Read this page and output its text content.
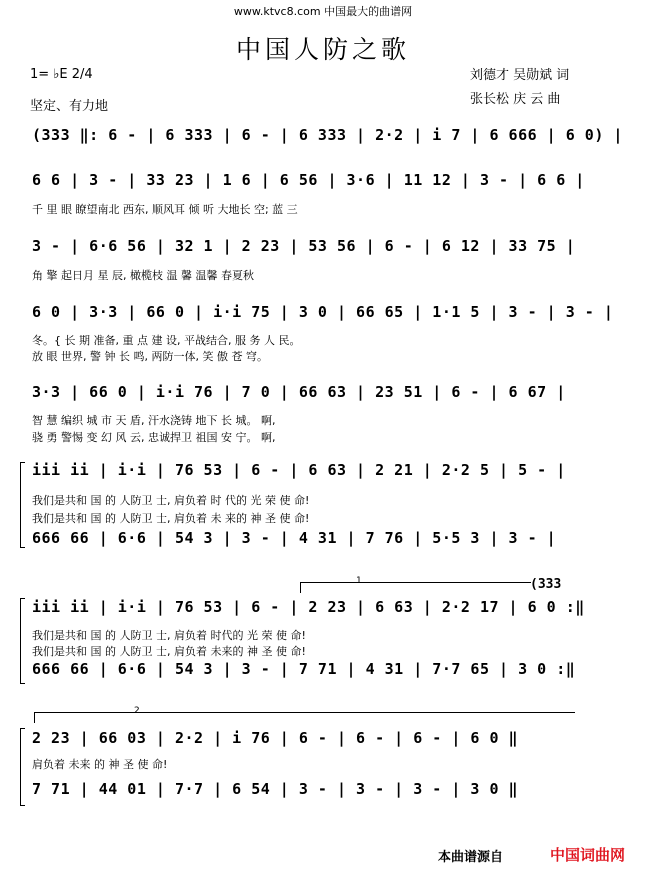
www.ktvc8.com 中国最大的曲谱网
中国人防之歌
1= ♭E 2/4
坚定、有力地
刘德才 吴勋斌 词
张长松 庆 云 曲
(333 ‖: 6 - | 6 333 | 6 - | 6 333 | 2·2 | i 7 | 6 666 | 6 0) |
6 6 | 3 - | 33 23 | 1 6 | 6 56 | 3·6 | 11 12 | 3 - | 6 6 |
千 里 眼 瞭望南北 西东, 顺风耳 倾 听 大地长 空; 蓝 三
3 - | 6·6 56 | 32 1 | 2 23 | 53 56 | 6 - | 6 12 | 33 75 |
角 擎 起日月 星 辰, 橄榄枝 温 馨 温馨 春夏秋
6 0 | 3·3 | 66 0 | i·i 75 | 3 0 | 66 65 | 1·1 5 | 3 - | 3 - |
冬。{ 长 期 准备, 重 点 建 设, 平战结合, 服 务 人 民。
放 眼 世界, 警 钟 长 鸣, 两防一体, 笑 傲 苍 穹。
3·3 | 66 0 | i·i 76 | 7 0 | 66 63 | 23 51 | 6 - | 6 67 |
智 慧 编织 城 市 天 盾, 汗水浇铸 地下 长 城。 啊,
骁 勇 警惕 变 幻 风 云, 忠诚捍卫 祖国 安 宁。 啊,
iii ii | i·i | 76 53 | 6 - | 6 63 | 2 21 | 2·2 5 | 5 - |
我们是共和 国 的 人防卫 士, 肩负着 时 代的 光 荣 使 命!
我们是共和 国 的 人防卫 士, 肩负着 未 来的 神 圣 使 命!
666 66 | 6·6 | 54 3 | 3 - | 4 31 | 7 76 | 5·5 3 | 3 - |
1	(333
iii ii | i·i | 76 53 | 6 - | 2 23 | 6 63 | 2·2 17 | 6 0 :‖
我们是共和 国 的 人防卫 士, 肩负着 时代的 光 荣 使 命!
我们是共和 国 的 人防卫 士, 肩负着 未来的 神 圣 使 命!
666 66 | 6·6 | 54 3 | 3 - | 7 71 | 4 31 | 7·7 65 | 3 0 :‖
2
2 23 | 66 03 | 2·2 | i 76 | 6 - | 6 - | 6 - | 6 0 ‖
肩负着 未来 的 神 圣 使 命!
7 71 | 44 01 | 7·7 | 6 54 | 3 - | 3 - | 3 - | 3 0 ‖
本曲谱源自	中国词曲网
